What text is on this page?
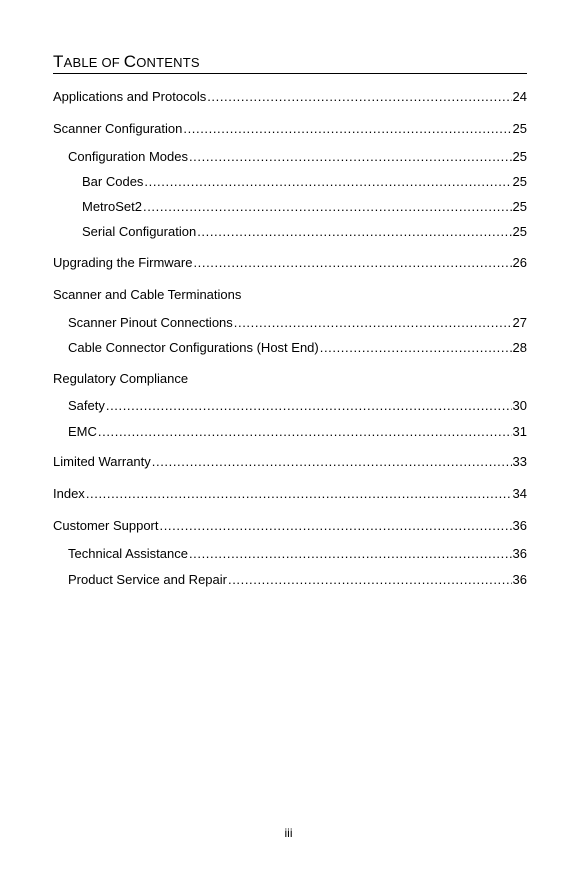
TABLE OF CONTENTS
Applications and Protocols .....	24
Scanner Configuration .....	25
Configuration Modes .....	25
Bar Codes .....	25
MetroSet2 .....	25
Serial Configuration .....	25
Upgrading the Firmware .....	26
Scanner and Cable Terminations
Scanner Pinout Connections .....	27
Cable Connector Configurations (Host End) .....	28
Regulatory Compliance
Safety .....	30
EMC .....	31
Limited Warranty .....	33
Index .....	34
Customer Support .....	36
Technical Assistance .....	36
Product Service and Repair .....	36
iii
